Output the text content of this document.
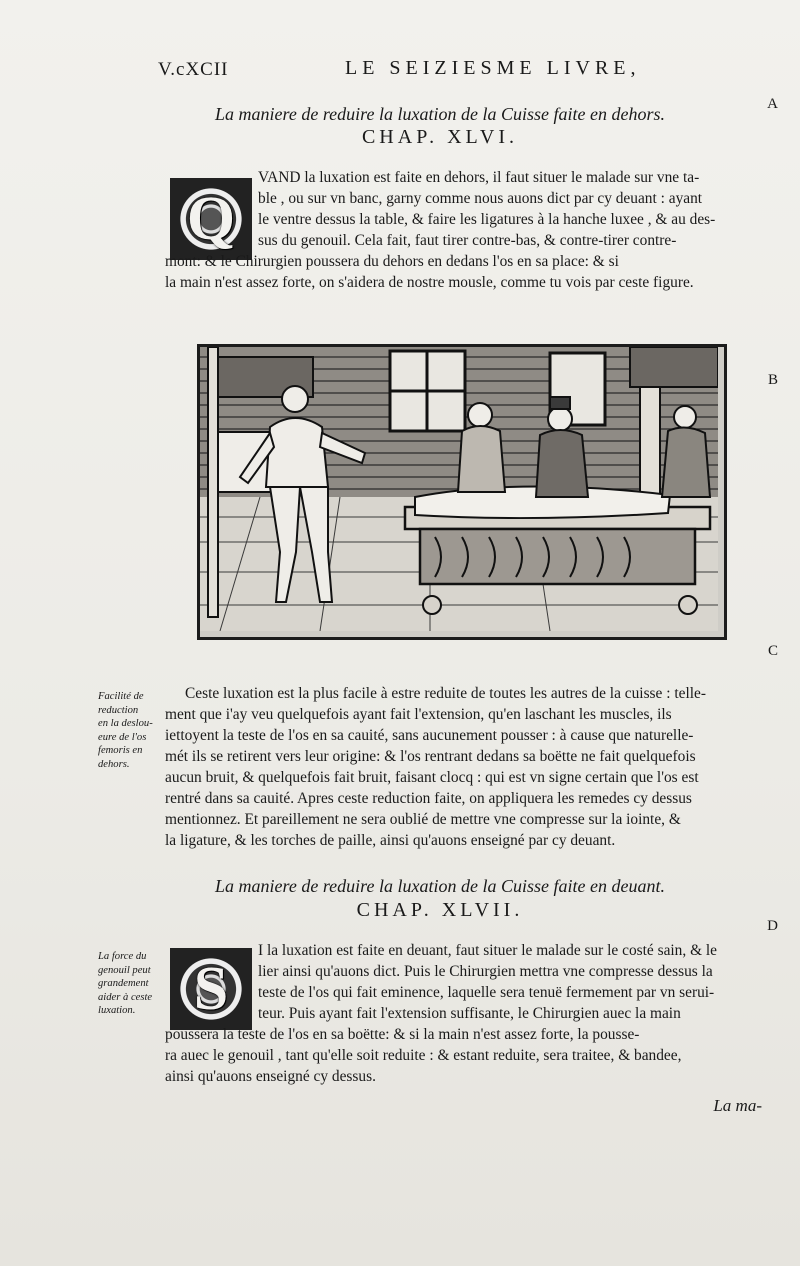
V.cXCII	LE SEIZIESME LIVRE,
A
B
C
D
La maniere de reduire la luxation de la Cuisse faite en dehors.
CHAP. XLVI.
Q
VAND la luxation est faite en dehors, il faut situer le malade sur vne ta-
ble , ou sur vn banc, garny comme nous auons dict par cy deuant : ayant
le ventre dessus la table, & faire les ligatures à la hanche luxee , & au des-
sus du genouil. Cela fait, faut tirer contre-bas, & contre-tirer contre-
mont: & le Chirurgien poussera du dehors en dedans l'os en sa place: & si
la main n'est assez forte, on s'aidera de nostre mousle, comme tu vois par ceste figure.
Facilité de
reduction
en la deslou-
eure de l'os
femoris en
dehors.
Ceste luxation est la plus facile à estre reduite de toutes les autres de la cuisse : telle-
ment que i'ay veu quelquefois ayant fait l'extension, qu'en laschant les muscles, ils
iettoyent la teste de l'os en sa cauité, sans aucunement pousser : à cause que naturelle-
mét ils se retirent vers leur origine: & l'os rentrant dedans sa boëtte ne fait quelquefois
aucun bruit, & quelquefois fait bruit, faisant clocq : qui est vn signe certain que l'os est
rentré dans sa cauité. Apres ceste reduction faite, on appliquera les remedes cy dessus
mentionnez. Et pareillement ne sera oublié de mettre vne compresse sur la iointe, &
la ligature, & les torches de paille, ainsi qu'auons enseigné par cy deuant.
La maniere de reduire la luxation de la Cuisse faite en deuant.
CHAP. XLVII.
La force du
genouil peut
grandement
aider à ceste
luxation. S
I la luxation est faite en deuant, faut situer le malade sur le costé sain, & le
lier ainsi qu'auons dict. Puis le Chirurgien mettra vne compresse dessus la
teste de l'os qui fait eminence, laquelle sera tenuë fermement par vn serui-
teur. Puis ayant fait l'extension suffisante, le Chirurgien auec la main
poussera la teste de l'os en sa boëtte: & si la main n'est assez forte, la pousse-
ra auec le genouil , tant qu'elle soit reduite : & estant reduite, sera traitee, & bandee,
ainsi qu'auons enseigné cy dessus.
La ma-
